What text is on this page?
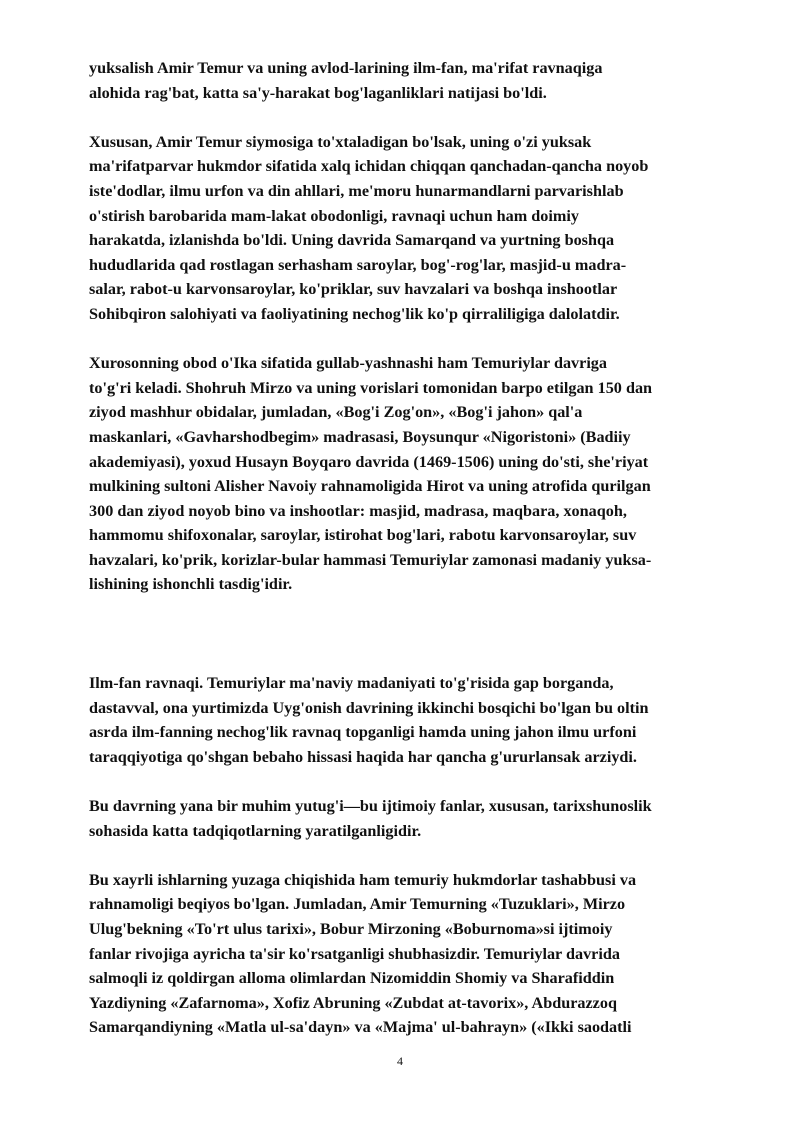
yuksalish Amir Temur va uning avlod-larining ilm-fan, ma'rifat ravnaqiga
alohida rag'bat, katta sa'y-harakat bog'laganliklari natijasi bo'ldi.
Xususan, Amir Temur siymosiga to'xtaladigan bo'lsak, uning o'zi yuksak
ma'rifatparvar hukmdor sifatida xalq ichidan chiqqan qanchadan-qancha noyob
iste'dodlar, ilmu urfon va din ahllari, me'moru hunarmandlarni parvarishlab
o'stirish barobarida mam-lakat obodonligi, ravnaqi uchun ham doimiy
harakatda, izlanishda bo'ldi. Uning davrida Samarqand va yurtning boshqa
hududlarida qad rostlagan serhasham saroylar, bog'-rog'lar, masjid-u madra-
salar, rabot-u karvonsaroylar, ko'priklar, suv havzalari va boshqa inshootlar
Sohibqiron salohiyati va faoliyatining nechog'lik ko'p qirraliligiga dalolatdir.
Xurosonning obod o'Ika sifatida gullab-yashnashi ham Temuriylar davriga
to'g'ri keladi. Shohruh Mirzo va uning vorislari tomonidan barpo etilgan 150 dan
ziyod mashhur obidalar, jumladan, «Bog'i Zog'on», «Bog'i jahon» qal'a
maskanlari, «Gavharshodbegim» madrasasi, Boysunqur «Nigoristoni» (Badiiy
akademiyasi), yoxud Husayn Boyqaro davrida (1469-1506) uning do'sti, she'riyat
mulkining sultoni Alisher Navoiy rahnamoligida Hirot va uning atrofida qurilgan
300 dan ziyod noyob bino va inshootlar: masjid, madrasa, maqbara, xonaqoh,
hammomu shifoxonalar, saroylar, istirohat bog'lari, rabotu karvonsaroylar, suv
havzalari, ko'prik, korizlar-bular hammasi Temuriylar zamonasi madaniy yuksa-
lishining ishonchli tasdig'idir.
Ilm-fan ravnaqi. Temuriylar ma'naviy madaniyati to'g'risida gap borganda,
dastavval, ona yurtimizda Uyg'onish davrining ikkinchi bosqichi bo'lgan bu oltin
asrda ilm-fanning nechog'lik ravnaq topganligi hamda uning jahon ilmu urfoni
taraqqiyotiga qo'shgan bebaho hissasi haqida har qancha g'ururlansak arziydi.
Bu davrning yana bir muhim yutug'i—bu ijtimoiy fanlar, xususan, tarixshunoslik
sohasida katta tadqiqotlarning yaratilganligidir.
Bu xayrli ishlarning yuzaga chiqishida ham temuriy hukmdorlar tashabbusi va
rahnamoligi beqiyos bo'lgan. Jumladan, Amir Temurning «Tuzuklari», Mirzo
Ulug'bekning «To'rt ulus tarixi», Bobur Mirzoning «Boburnoma»si ijtimoiy
fanlar rivojiga ayricha ta'sir ko'rsatganligi shubhasizdir. Temuriylar davrida
salmoqli iz qoldirgan alloma olimlardan Nizomiddin Shomiy va Sharafiddin
Yazdiyning «Zafarnoma», Xofiz Abruning «Zubdat at-tavorix», Abdurazzoq
Samarqandiyning «Matla ul-sa'dayn» va «Majma' ul-bahrayn» («Ikki saodatli
4
